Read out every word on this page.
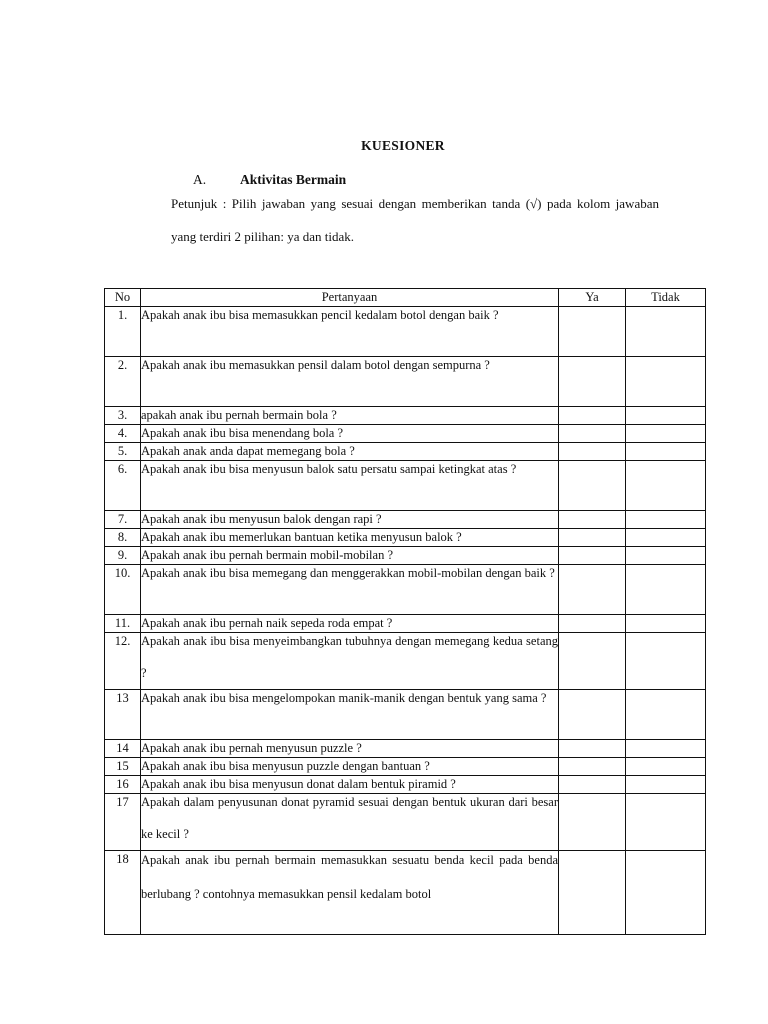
KUESIONER
A.	Aktivitas Bermain
Petunjuk : Pilih jawaban yang sesuai dengan memberikan tanda (√) pada kolom jawaban yang terdiri 2 pilihan: ya dan tidak.
No	Pertanyaan	Ya	Tidak
1.	Apakah anak ibu bisa memasukkan pencil kedalam botol dengan baik ?		

2.	Apakah anak ibu memasukkan pensil dalam botol dengan sempurna ?		

3.	apakah anak ibu pernah bermain bola ?		
4.	Apakah anak ibu bisa menendang bola ?		
5.	Apakah anak anda dapat memegang bola ?		
6.	Apakah anak ibu bisa menyusun balok satu persatu sampai ketingkat atas ?		

7.	Apakah anak ibu menyusun balok dengan rapi ?		
8.	Apakah anak ibu memerlukan bantuan ketika menyusun balok ?		
9.	Apakah anak ibu pernah bermain mobil-mobilan ?		
10.	Apakah anak ibu bisa memegang dan menggerakkan mobil-mobilan dengan baik ?		

11.	Apakah anak ibu pernah naik sepeda roda empat ?		
12.	Apakah anak ibu bisa menyeimbangkan tubuhnya dengan memegang kedua setang ?		

13	Apakah anak ibu bisa mengelompokan manik-manik dengan bentuk yang sama ?		

14	Apakah anak ibu pernah menyusun puzzle ?		
15	Apakah anak ibu bisa menyusun puzzle dengan bantuan ?		
16	Apakah anak ibu bisa menyusun donat dalam bentuk piramid ?		
17	Apakah dalam penyusunan donat pyramid sesuai dengan bentuk ukuran dari besar ke kecil ?		

18	Apakah anak ibu pernah bermain memasukkan sesuatu benda kecil pada benda berlubang ? contohnya memasukkan pensil kedalam botol		
